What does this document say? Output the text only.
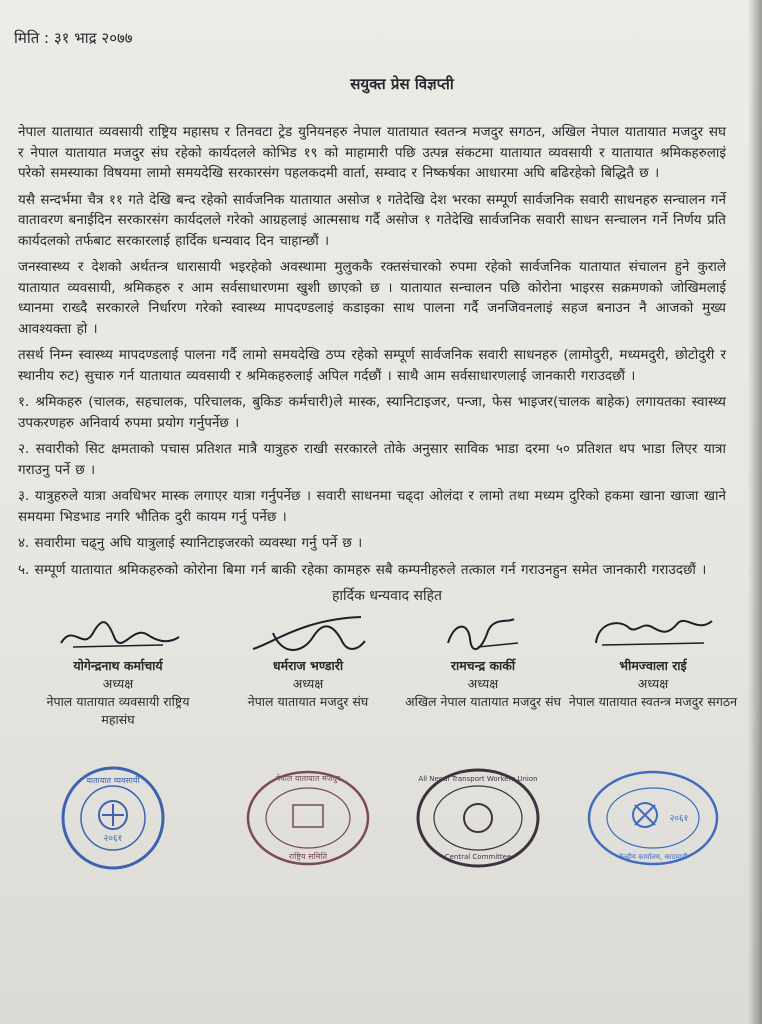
मिति : ३१ भाद्र २०७७
सयुक्त प्रेस विज्ञप्ती

नेपाल यातायात व्यवसायी राष्ट्रिय महासघ र तिनवटा ट्रेड युनियनहरु नेपाल यातायात स्वतन्त्र मजदुर सगठन, अखिल नेपाल यातायात मजदुर सघ र नेपाल यातायात मजदुर संघ रहेको कार्यदलले कोभिड १९ को माहामारी पछि उत्पन्न संकटमा यातायात व्यवसायी र यातायात श्रमिकहरुलाइं परेको समस्याका विषयमा लामो समयदेखि सरकारसंग पहलकदमी वार्ता, सम्वाद र निष्कर्षका आधारमा अघि बढिरहेको बिद्धितै छ ।

यसै सन्दर्भमा चैत्र ११ गते देखि बन्द रहेको सार्वजनिक यातायात असोज १ गतेदेखि देश भरका सम्पूर्ण सार्वजनिक सवारी साधनहरु सन्चालन गर्ने वातावरण बनाईदिन सरकारसंग कार्यदलले गरेको आग्रहलाइं आत्मसाथ गर्दै असोज १ गतेदेखि सार्वजनिक सवारी साधन सन्चालन गर्ने निर्णय प्रति कार्यदलको तर्फबाट सरकारलाई हार्दिक धन्यवाद दिन चाहान्छौं ।

जनस्वास्थ्य र देशको अर्थतन्त्र धारासायी भइरहेको अवस्थामा मुलुककै रक्तसंचारको रुपमा रहेको सार्वजनिक यातायात संचालन हुने कुराले यातायात व्यवसायी, श्रमिकहरु र आम सर्वसाधारणमा खुशी छाएको छ । यातायात सन्चालन पछि कोरोना भाइरस सक्रमणको जोखिमलाई ध्यानमा राख्दै सरकारले निर्धारण गरेको स्वास्थ्य मापदण्डलाइं कडाइका साथ पालना गर्दै जनजिवनलाइं सहज बनाउन नै आजको मुख्य आवश्यक्ता हो ।

तसर्थ निम्न स्वास्थ्य मापदण्डलाई पालना गर्दै लामो समयदेखि ठप्प रहेको सम्पूर्ण सार्वजनिक सवारी साधनहरु (लामोदुरी, मध्यमदुरी, छोटोदुरी र स्थानीय रुट) सुचारु गर्न यातायात व्यवसायी र श्रमिकहरुलाई अपिल गर्दछौं । साथै आम सर्वसाधारणलाई जानकारी गराउदछौं ।

१. श्रमिकहरु (चालक, सहचालक, परिचालक, बुकिङ कर्मचारी)ले मास्क, स्यानिटाइजर, पन्जा, फेस भाइजर(चालक बाहेक) लगायतका स्वास्थ्य उपकरणहरु अनिवार्य रुपमा प्रयोग गर्नुपर्नेछ ।

२. सवारीको सिट क्षमताको पचास प्रतिशत मात्रै यात्रुहरु राखी सरकारले तोके अनुसार साविक भाडा दरमा ५० प्रतिशत थप भाडा लिएर यात्रा गराउनु पर्ने छ ।

३. यात्रुहरुले यात्रा अवधिभर मास्क लगाएर यात्रा गर्नुपर्नेछ । सवारी साधनमा चढ्दा ओलंदा र लामो तथा मध्यम दुरिको हकमा खाना खाजा खाने समयमा भिडभाड नगरि भौतिक दुरी कायम गर्नु पर्नेछ ।

४. सवारीमा चढ्नु अघि यात्रुलाई स्यानिटाइजरको व्यवस्था गर्नु पर्ने छ ।

५. सम्पूर्ण यातायात श्रमिकहरुको कोरोना बिमा गर्न बाकी रहेका कामहरु सबै कम्पनीहरुले तत्काल गर्न गराउनहुन समेत जानकारी गराउदछौं ।

हार्दिक धन्यवाद सहित
योगेन्द्रनाथ कर्माचार्य
अध्यक्ष
नेपाल यातायात व्यवसायी राष्ट्रिय महासंघ
धर्मराज भण्डारी
अध्यक्ष
नेपाल यातायात मजदुर संघ
रामचन्द्र कार्की
अध्यक्ष
अखिल नेपाल यातायात मजदुर संघ
भीमज्वाला राई
अध्यक्ष
नेपाल यातायात स्वतन्त्र मजदुर सगठन
यातायात व्यवसायी
२०६१
नेपाल यातायात मजदुर
राष्ट्रिय समिति
All Nepal Transport Workers Union
Central Committee
२०६१
केन्द्रीय कार्यालय, काठमाडौं
